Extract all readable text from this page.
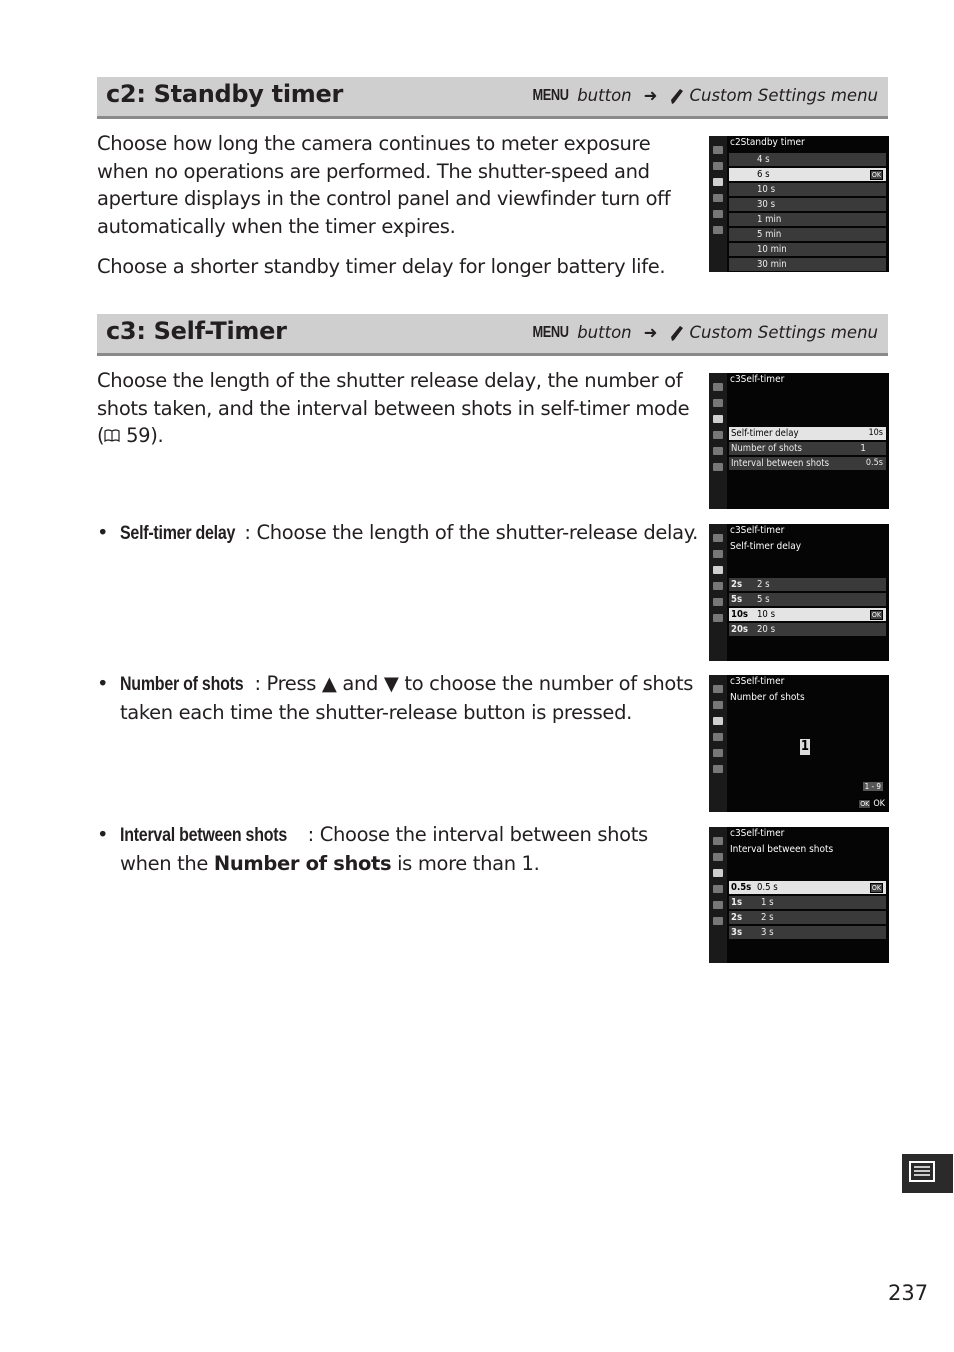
c2: Standby timer	MENU button ➜ Custom Settings menu

Choose how long the camera continues to meter exposure when no operations are performed. The shutter-speed and aperture displays in the control panel and viewfinder turn off automatically when the timer expires.

Choose a shorter standby timer delay for longer battery life.

c2Standby timer
4 s
6 s	OK
10 s
30 s
1 min
5 min
10 min
30 min
c3: Self-Timer	MENU button ➜ Custom Settings menu

Choose the length of the shutter release delay, the number of shots taken, and the interval between shots in self-timer mode ( 59).

c3Self-timer
Self-timer delay	10s
Number of shots	1
Interval between shots	0.5s
• Self-timer delay : Choose the length of the shutter-release delay.	c3Self-timer
Self-timer delay
2s 2 s
5s 5 s
10s 10 s	OK
20s 20 s
• Number of shots : Press ▲ and ▼ to choose the number of shots taken each time the shutter-release button is pressed.
c3Self-timer
Number of shots
1
1 - 9
OK OK
• Interval between shots : Choose the interval between shots when the Number of shots is more than 1.
c3Self-timer
Interval between shots
0.5s 0.5 s	OK
1s 1 s
2s 2 s
3s 3 s
237
